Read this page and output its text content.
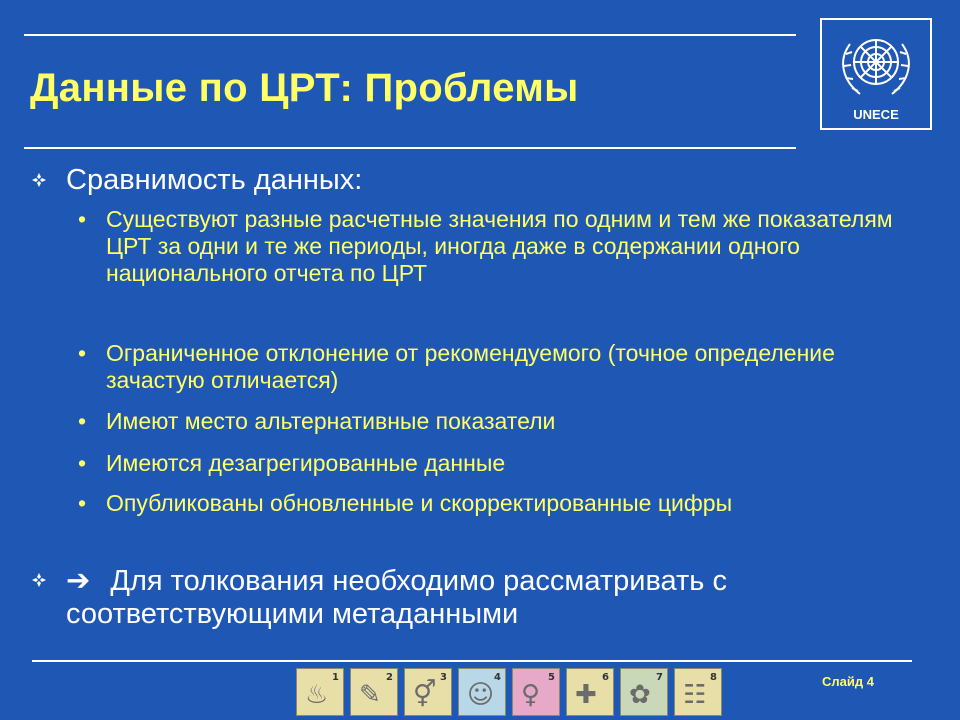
Данные по ЦРТ: Проблемы
UNECE
Сравнимость данных:
• Существуют разные расчетные значения по одним и тем же показателям ЦРТ за одни и те же периоды, иногда даже в содержании одного национального отчета по ЦРТ
• Ограниченное отклонение от рекомендуемого (точное определение зачастую отличается)
• Имеют место альтернативные показатели
• Имеются дезагрегированные данные
• Опубликованы обновленные и скорректированные цифры
➔ Для толкования необходимо рассматривать с соответствующими метаданными
♨
1
✎
2
⚥
3
☺
4
♀
5
✚
6
✿
7
☷
8	Слайд 4
